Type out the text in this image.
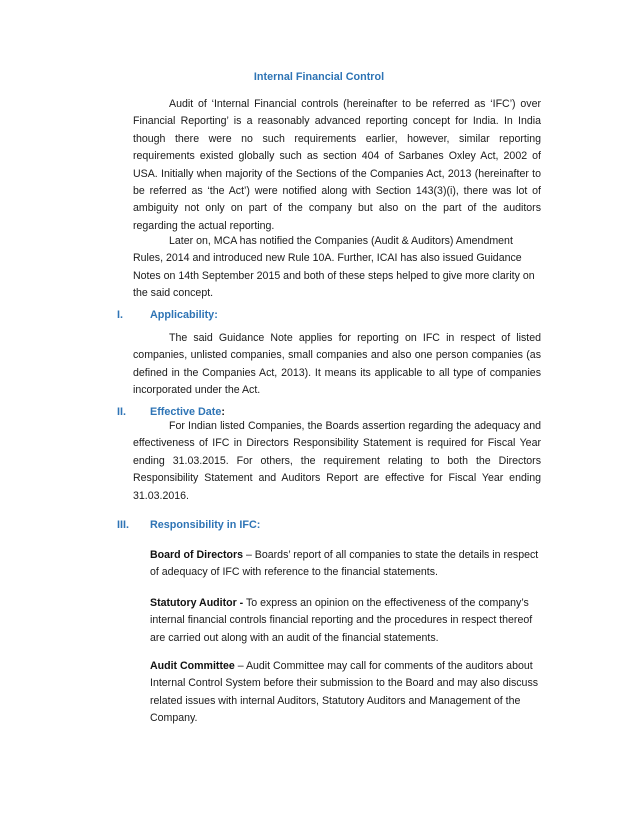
Internal Financial Control

Audit of ‘Internal Financial controls (hereinafter to be referred as ‘IFC’) over Financial Reporting’ is a reasonably advanced reporting concept for India. In India though there were no such requirements earlier, however, similar reporting requirements existed globally such as section 404 of Sarbanes Oxley Act, 2002 of USA. Initially when majority of the Sections of the Companies Act, 2013 (hereinafter to be referred as ‘the Act’) were notified along with Section 143(3)(i), there was lot of ambiguity not only on part of the company but also on the part of the auditors regarding the actual reporting.

Later on, MCA has notified the Companies (Audit & Auditors) Amendment Rules, 2014 and introduced new Rule 10A. Further, ICAI has also issued Guidance Notes on 14th September 2015 and both of these steps helped to give more clarity on the said concept.

I.	Applicability:

The said Guidance Note applies for reporting on IFC in respect of listed companies, unlisted companies, small companies and also one person companies (as defined in the Companies Act, 2013). It means its applicable to all type of companies incorporated under the Act.

II. Effective Date:

For Indian listed Companies, the Boards assertion regarding the adequacy and effectiveness of IFC in Directors Responsibility Statement is required for Fiscal Year ending 31.03.2015. For others, the requirement relating to both the Directors Responsibility Statement and Auditors Report are effective for Fiscal Year ending 31.03.2016.

III. Responsibility in IFC:

Board of Directors – Boards’ report of all companies to state the details in respect of adequacy of IFC with reference to the financial statements.

Statutory Auditor - To express an opinion on the effectiveness of the company’s internal financial controls financial reporting and the procedures in respect thereof are carried out along with an audit of the financial statements.

Audit Committee – Audit Committee may call for comments of the auditors about Internal Control System before their submission to the Board and may also discuss related issues with internal Auditors, Statutory Auditors and Management of the Company.
